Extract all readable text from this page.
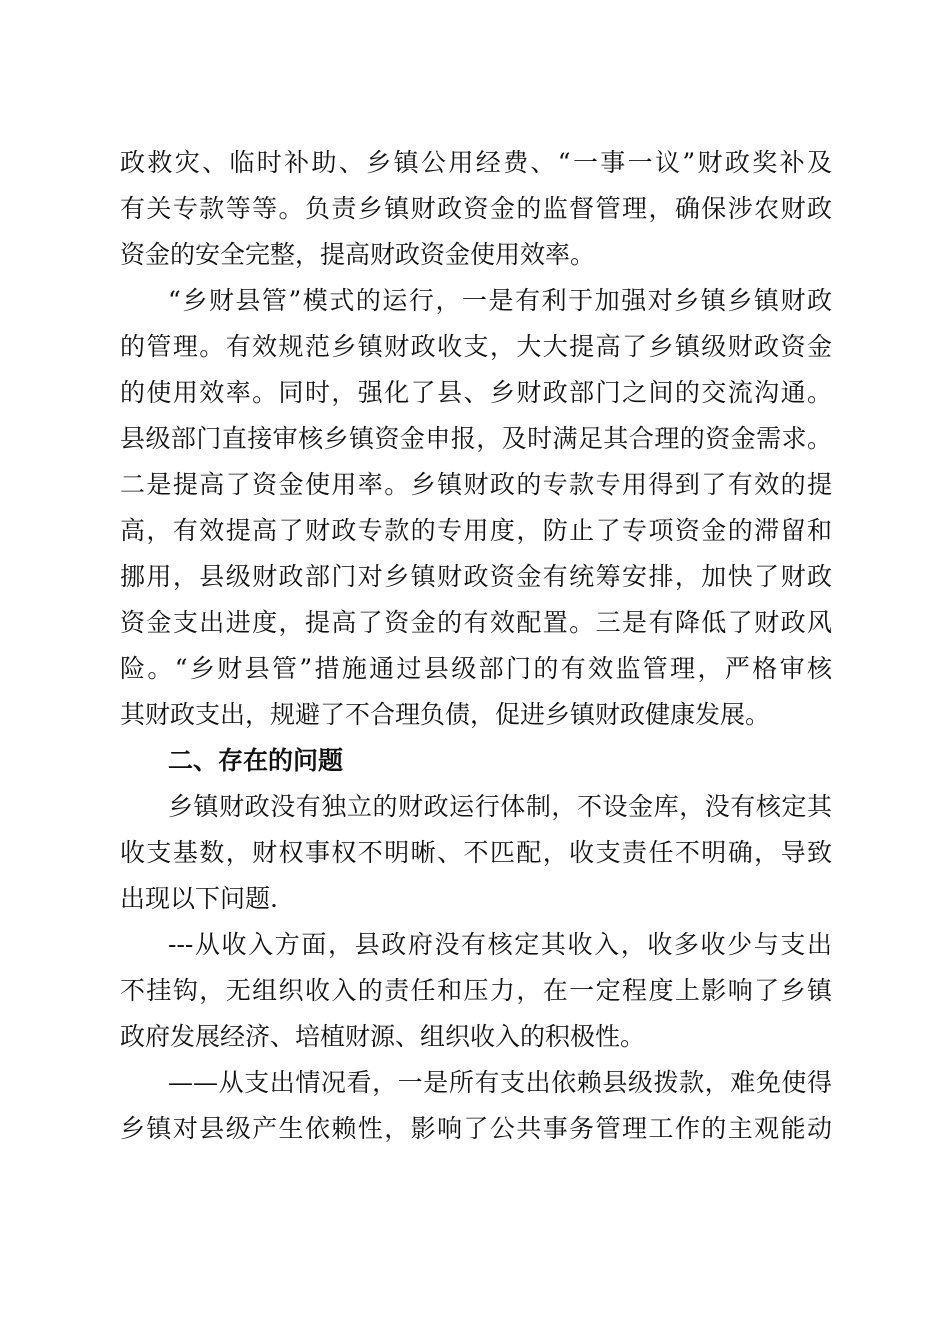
政救灾、临时补助、乡镇公用经费、“一事一议”财政奖补及
有关专款等等。负责乡镇财政资金的监督管理，确保涉农财政
资金的安全完整，提高财政资金使用效率。
“乡财县管”模式的运行，一是有利于加强对乡镇乡镇财政
的管理。有效规范乡镇财政收支，大大提高了乡镇级财政资金
的使用效率。同时，强化了县、乡财政部门之间的交流沟通。
县级部门直接审核乡镇资金申报，及时满足其合理的资金需求。
二是提高了资金使用率。乡镇财政的专款专用得到了有效的提
高，有效提高了财政专款的专用度，防止了专项资金的滞留和
挪用，县级财政部门对乡镇财政资金有统筹安排，加快了财政
资金支出进度，提高了资金的有效配置。三是有降低了财政风
险。“乡财县管”措施通过县级部门的有效监管理，严格审核
其财政支出，规避了不合理负债，促进乡镇财政健康发展。
二、存在的问题
乡镇财政没有独立的财政运行体制，不设金库，没有核定其
收支基数，财权事权不明晰、不匹配，收支责任不明确，导致
出现以下问题.
---从收入方面，县政府没有核定其收入，收多收少与支出
不挂钩，无组织收入的责任和压力，在一定程度上影响了乡镇
政府发展经济、培植财源、组织收入的积极性。
——从支出情况看，一是所有支出依赖县级拨款，难免使得
乡镇对县级产生依赖性，影响了公共事务管理工作的主观能动
